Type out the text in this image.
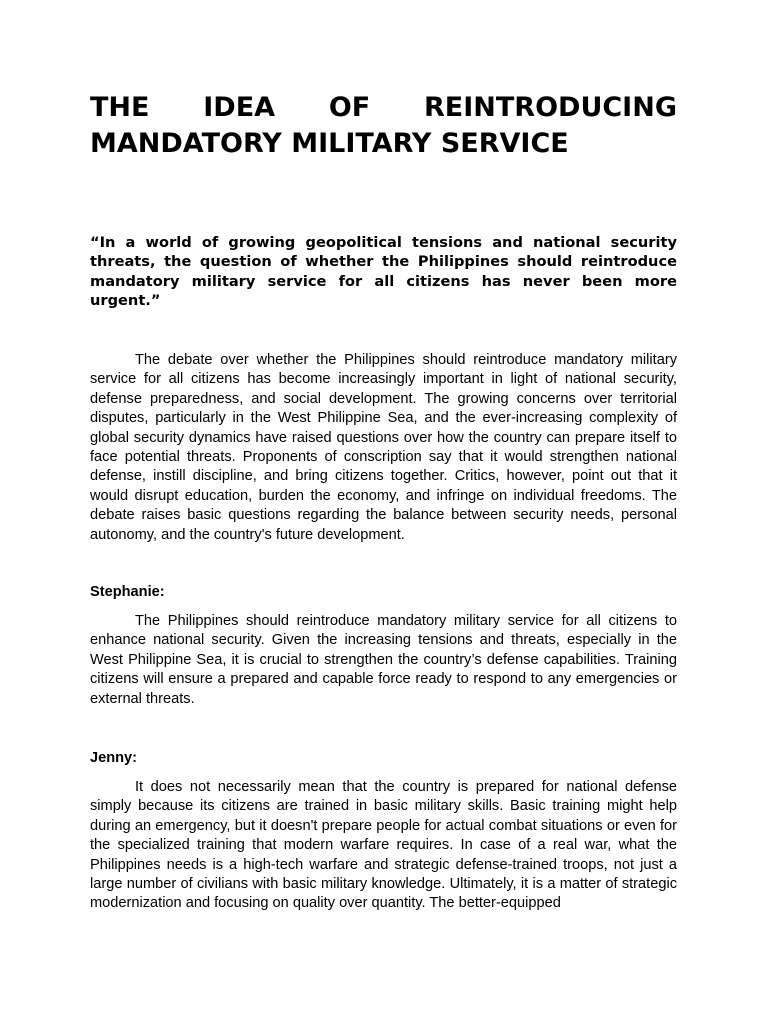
THE IDEA OF REINTRODUCING MANDATORY MILITARY SERVICE

“In a world of growing geopolitical tensions and national security threats, the question of whether the Philippines should reintroduce mandatory military service for all citizens has never been more urgent.”

The debate over whether the Philippines should reintroduce mandatory military service for all citizens has become increasingly important in light of national security, defense preparedness, and social development. The growing concerns over territorial disputes, particularly in the West Philippine Sea, and the ever-increasing complexity of global security dynamics have raised questions over how the country can prepare itself to face potential threats. Proponents of conscription say that it would strengthen national defense, instill discipline, and bring citizens together. Critics, however, point out that it would disrupt education, burden the economy, and infringe on individual freedoms. The debate raises basic questions regarding the balance between security needs, personal autonomy, and the country's future development.

Stephanie:

The Philippines should reintroduce mandatory military service for all citizens to enhance national security. Given the increasing tensions and threats, especially in the West Philippine Sea, it is crucial to strengthen the country’s defense capabilities. Training citizens will ensure a prepared and capable force ready to respond to any emergencies or external threats.

Jenny:

It does not necessarily mean that the country is prepared for national defense simply because its citizens are trained in basic military skills. Basic training might help during an emergency, but it doesn't prepare people for actual combat situations or even for the specialized training that modern warfare requires. In case of a real war, what the Philippines needs is a high-tech warfare and strategic defense-trained troops, not just a large number of civilians with basic military knowledge. Ultimately, it is a matter of strategic modernization and focusing on quality over quantity. The better-equipped
